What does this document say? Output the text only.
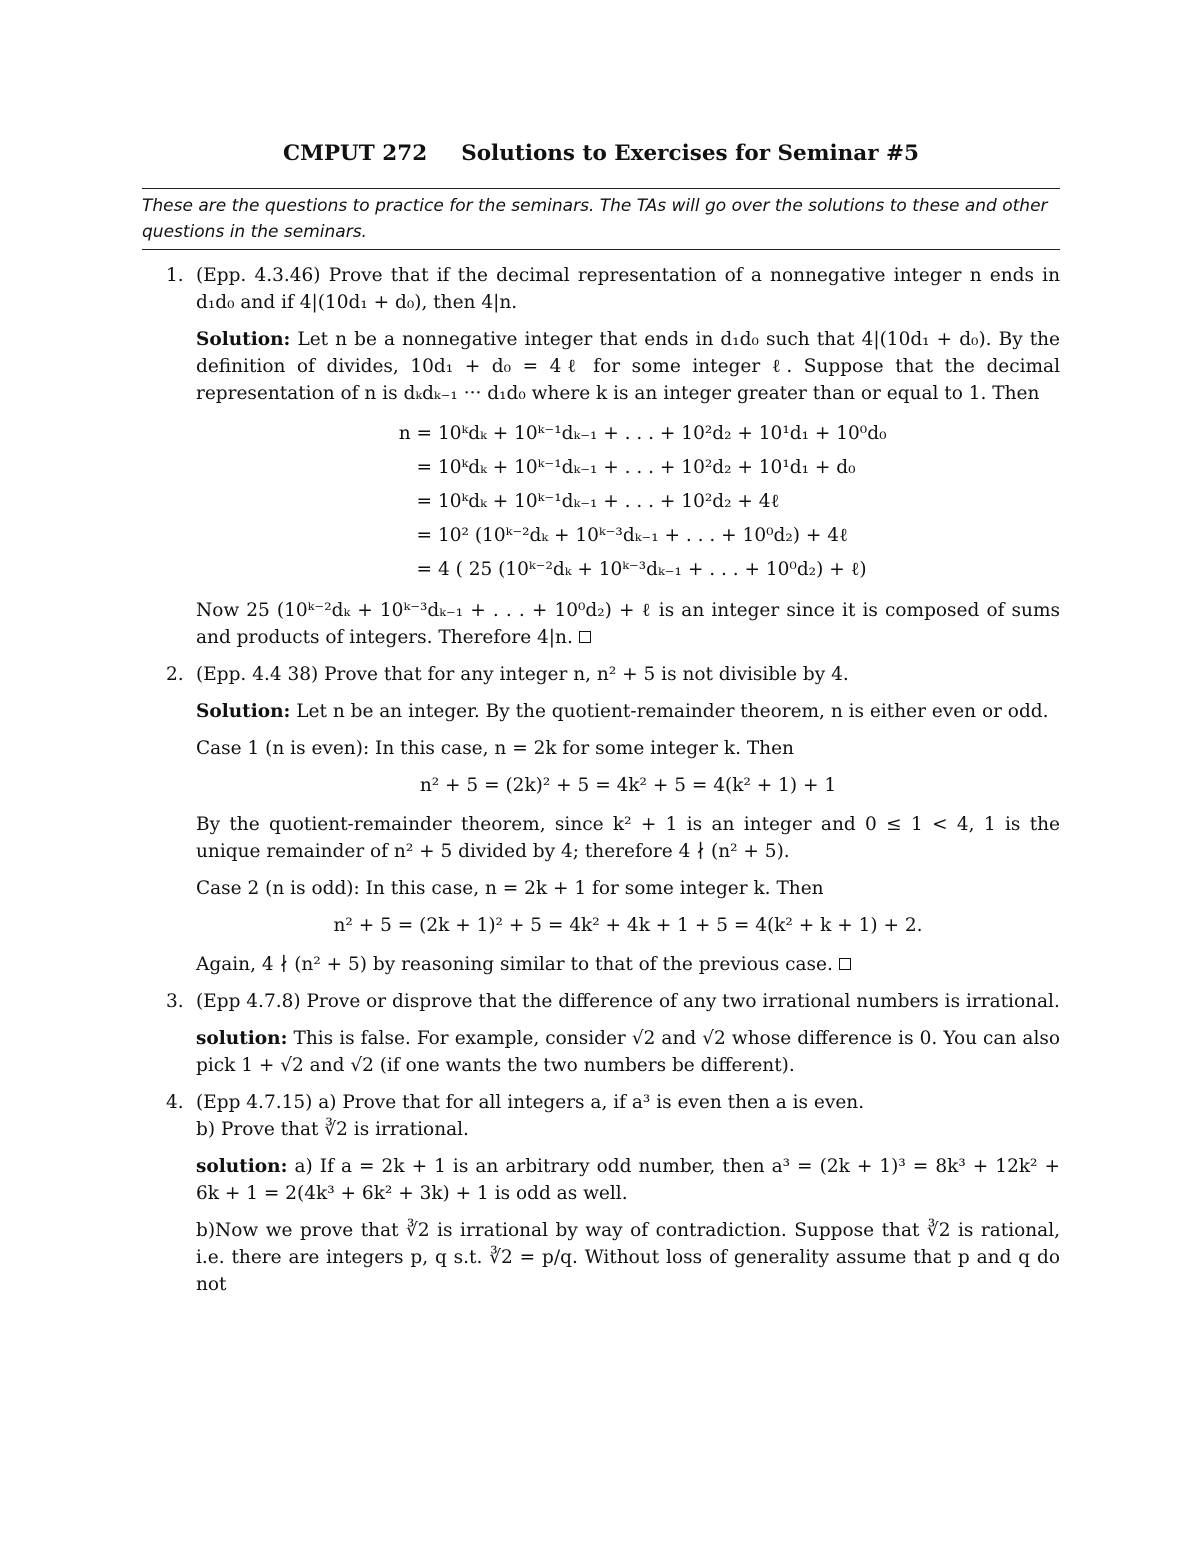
CMPUT 272 Solutions to Exercises for Seminar #5
These are the questions to practice for the seminars. The TAs will go over the solutions to these and other questions in the seminars.
1. (Epp. 4.3.46) Prove that if the decimal representation of a nonnegative integer n ends in d₁d₀ and if 4|(10d₁ + d₀), then 4|n.

Solution: Let n be a nonnegative integer that ends in d₁d₀ such that 4|(10d₁ + d₀). By the definition of divides, 10d₁ + d₀ = 4ℓ for some integer ℓ. Suppose that the decimal representation of n is dₖdₖ₋₁ ··· d₁d₀ where k is an integer greater than or equal to 1. Then

n = 10ᵏdₖ + 10ᵏ⁻¹dₖ₋₁ + . . . + 10²d₂ + 10¹d₁ + 10⁰d₀
= 10ᵏdₖ + 10ᵏ⁻¹dₖ₋₁ + . . . + 10²d₂ + 10¹d₁ + d₀
= 10ᵏdₖ + 10ᵏ⁻¹dₖ₋₁ + . . . + 10²d₂ + 4ℓ
= 10² (10ᵏ⁻²dₖ + 10ᵏ⁻³dₖ₋₁ + . . . + 10⁰d₂) + 4ℓ
= 4 ( 25 (10ᵏ⁻²dₖ + 10ᵏ⁻³dₖ₋₁ + . . . + 10⁰d₂) + ℓ)

Now 25 (10ᵏ⁻²dₖ + 10ᵏ⁻³dₖ₋₁ + . . . + 10⁰d₂) + ℓ is an integer since it is composed of sums and products of integers. Therefore 4|n.

2. (Epp. 4.4 38) Prove that for any integer n, n² + 5 is not divisible by 4.

Solution: Let n be an integer. By the quotient-remainder theorem, n is either even or odd.

Case 1 (n is even): In this case, n = 2k for some integer k. Then

n² + 5 = (2k)² + 5 = 4k² + 5 = 4(k² + 1) + 1

By the quotient-remainder theorem, since k² + 1 is an integer and 0 ≤ 1 < 4, 1 is the unique remainder of n² + 5 divided by 4; therefore 4 ∤ (n² + 5).

Case 2 (n is odd): In this case, n = 2k + 1 for some integer k. Then

n² + 5 = (2k + 1)² + 5 = 4k² + 4k + 1 + 5 = 4(k² + k + 1) + 2.

Again, 4 ∤ (n² + 5) by reasoning similar to that of the previous case.

3. (Epp 4.7.8) Prove or disprove that the difference of any two irrational numbers is irrational.

solution: This is false. For example, consider √2 and √2 whose difference is 0. You can also pick 1 + √2 and √2 (if one wants the two numbers be different).

4. (Epp 4.7.15) a) Prove that for all integers a, if a³ is even then a is even.

b) Prove that ∛2 is irrational.

solution: a) If a = 2k + 1 is an arbitrary odd number, then a³ = (2k + 1)³ = 8k³ + 12k² + 6k + 1 = 2(4k³ + 6k² + 3k) + 1 is odd as well.

b)Now we prove that ∛2 is irrational by way of contradiction. Suppose that ∛2 is rational, i.e. there are integers p, q s.t. ∛2 = p/q. Without loss of generality assume that p and q do not
